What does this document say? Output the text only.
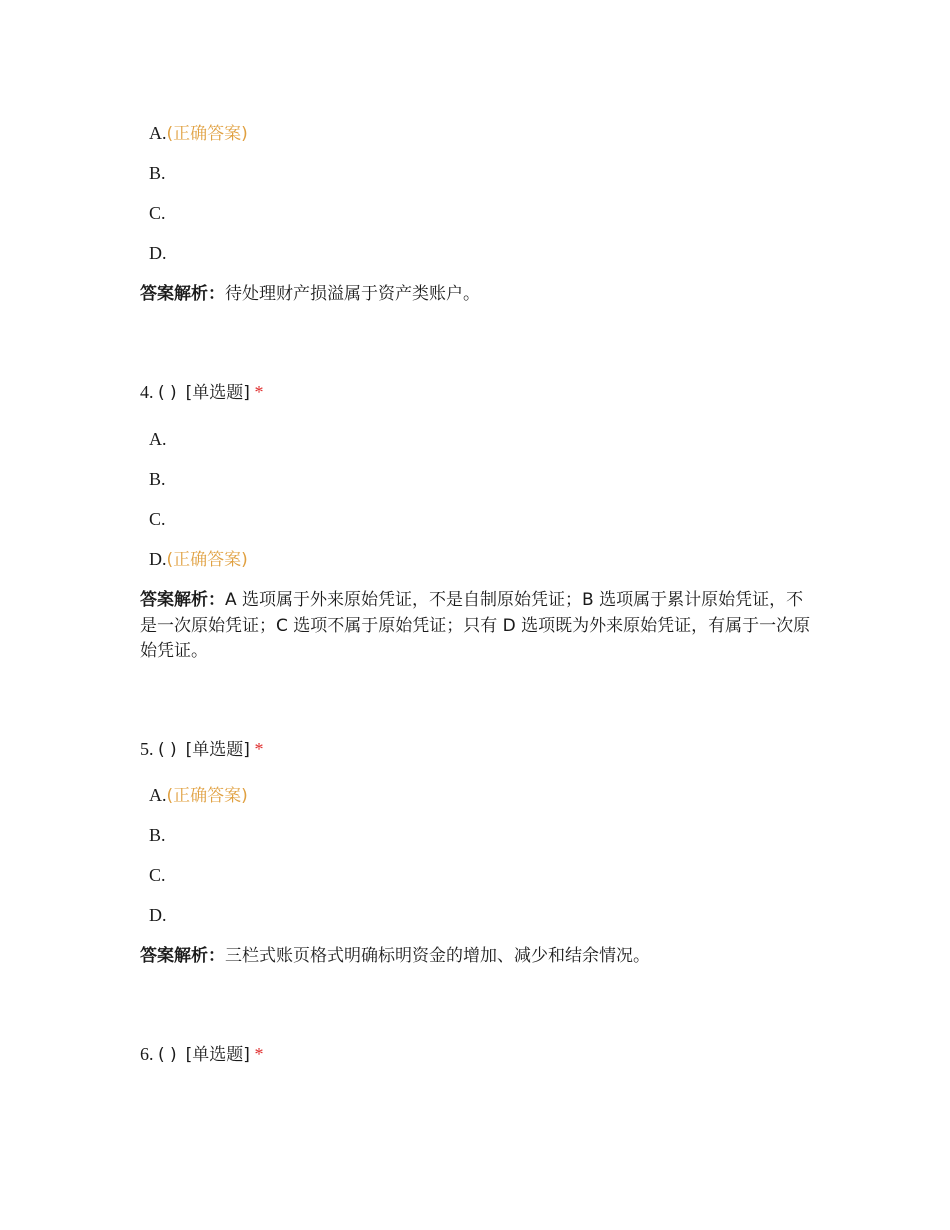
A.(正确答案)
B.
C.
D.
答案解析：待处理财产损溢属于资产类账户。
4. ( ) [单选题] *
A.
B.
C.
D.(正确答案)
答案解析：A 选项属于外来原始凭证，不是自制原始凭证；B 选项属于累计原始凭证，不是一次原始凭证；C 选项不属于原始凭证；只有 D 选项既为外来原始凭证，有属于一次原始凭证。
5. ( ) [单选题] *
A.(正确答案)
B.
C.
D.
答案解析：三栏式账页格式明确标明资金的增加、减少和结余情况。
6. ( ) [单选题] *
